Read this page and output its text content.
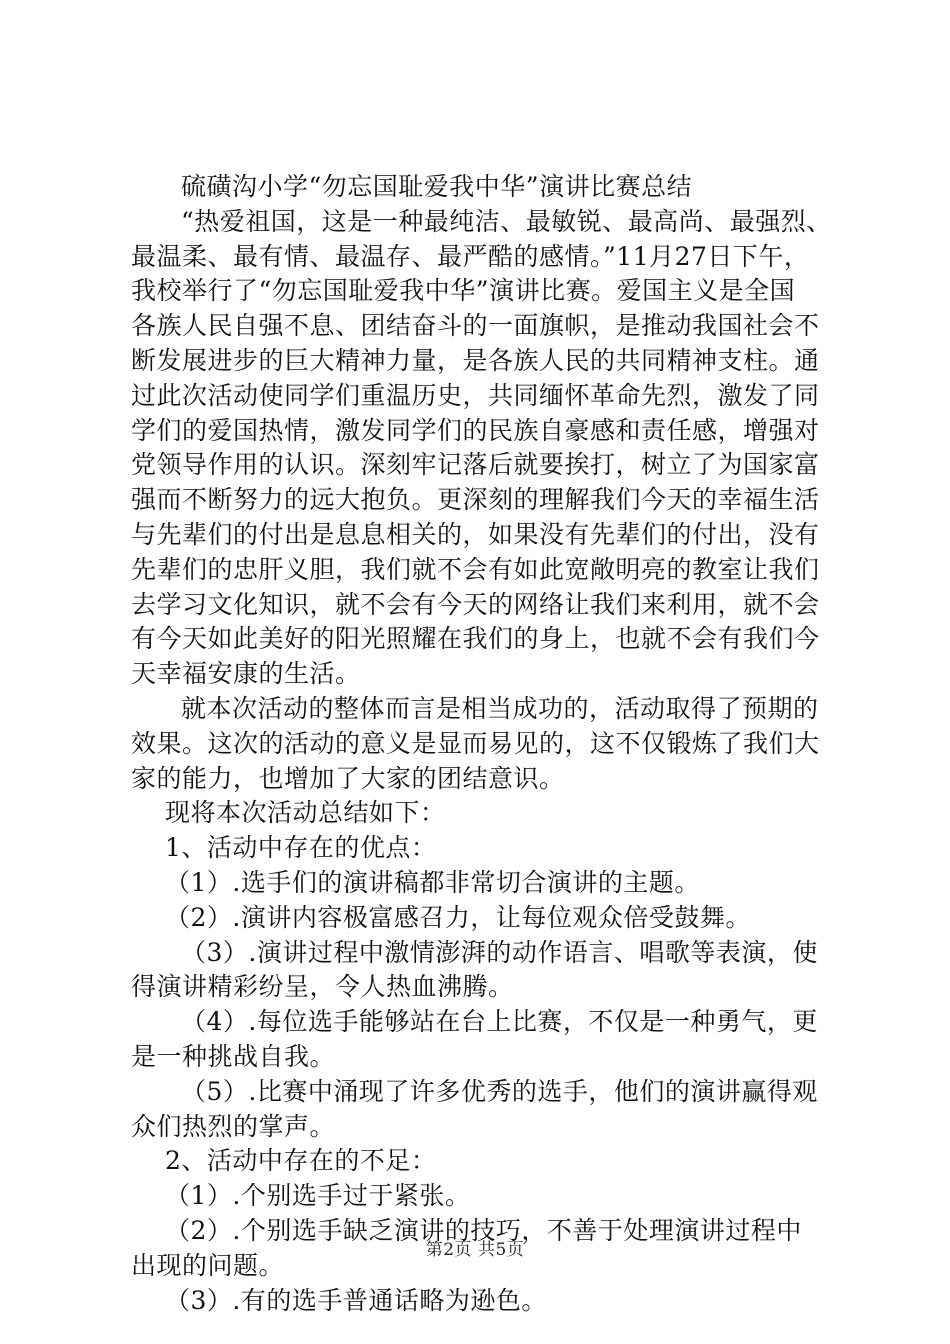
硫磺沟小学“勿忘国耻爱我中华”演讲比赛总结

“热爱祖国，这是一种最纯洁、最敏锐、最高尚、最强烈、

最温柔、最有情、最温存、最严酷的感情。”11月27日下午，

我校举行了“勿忘国耻爱我中华”演讲比赛。爱国主义是全国

各族人民自强不息、团结奋斗的一面旗帜，是推动我国社会不

断发展进步的巨大精神力量，是各族人民的共同精神支柱。通

过此次活动使同学们重温历史，共同缅怀革命先烈，激发了同

学们的爱国热情，激发同学们的民族自豪感和责任感，增强对

党领导作用的认识。深刻牢记落后就要挨打，树立了为国家富

强而不断努力的远大抱负。更深刻的理解我们今天的幸福生活

与先辈们的付出是息息相关的，如果没有先辈们的付出，没有

先辈们的忠肝义胆，我们就不会有如此宽敞明亮的教室让我们

去学习文化知识，就不会有今天的网络让我们来利用，就不会

有今天如此美好的阳光照耀在我们的身上，也就不会有我们今

天幸福安康的生活。

就本次活动的整体而言是相当成功的，活动取得了预期的

效果。这次的活动的意义是显而易见的，这不仅锻炼了我们大

家的能力，也增加了大家的团结意识。

现将本次活动总结如下：

1、活动中存在的优点：

（1）.选手们的演讲稿都非常切合演讲的主题。

（2）.演讲内容极富感召力，让每位观众倍受鼓舞。

（3）.演讲过程中激情澎湃的动作语言、唱歌等表演，使

得演讲精彩纷呈，令人热血沸腾。

（4）.每位选手能够站在台上比赛，不仅是一种勇气，更

是一种挑战自我。

（5）.比赛中涌现了许多优秀的选手，他们的演讲赢得观

众们热烈的掌声。

2、活动中存在的不足：

（1）.个别选手过于紧张。

（2）.个别选手缺乏演讲的技巧，不善于处理演讲过程中

出现的问题。

（3）.有的选手普通话略为逊色。

第2页 共5页
